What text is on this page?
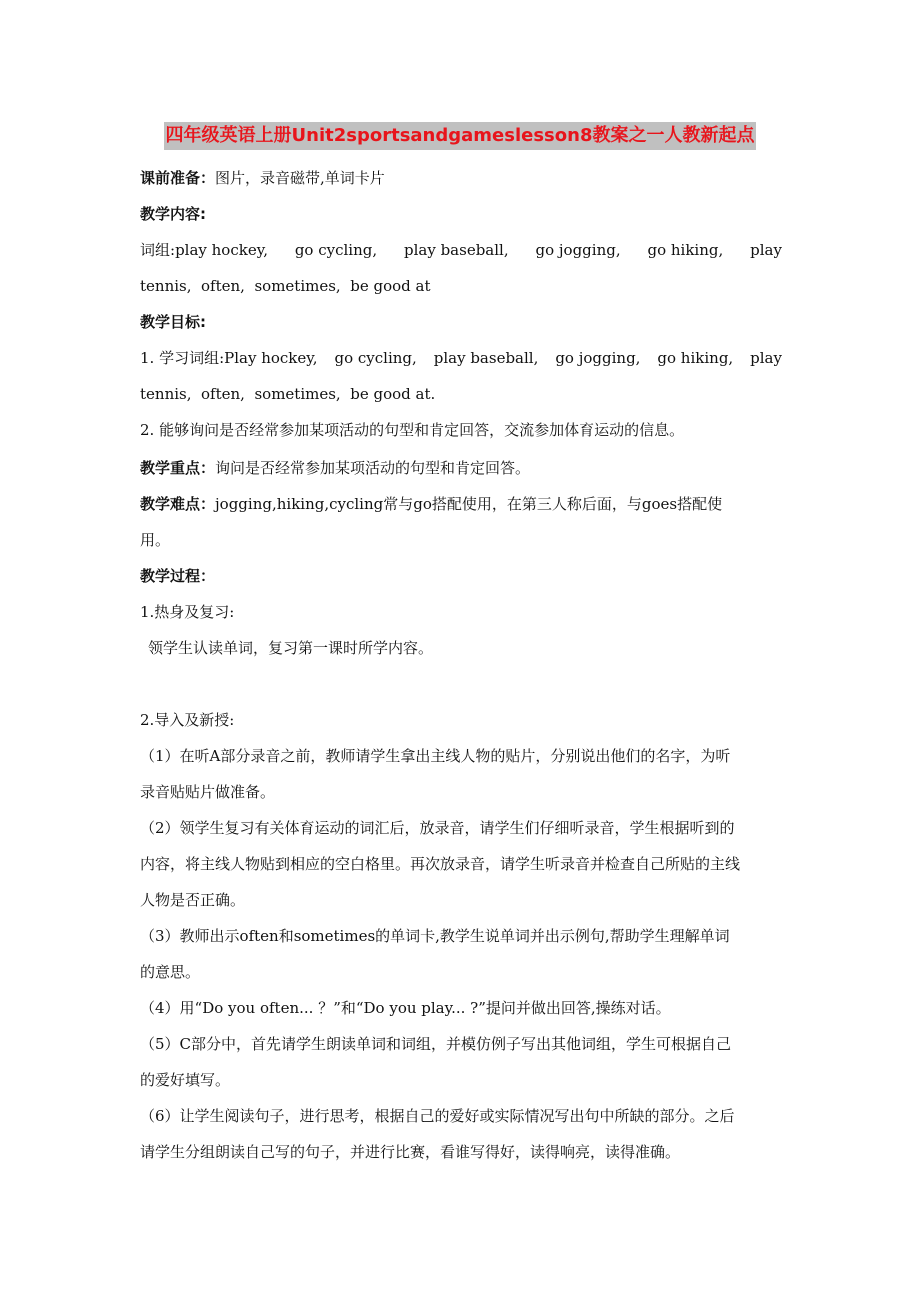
四年级英语上册Unit2sportsandgameslesson8教案之一人教新起点
课前准备：图片，录音磁带,单词卡片
教学内容:
词组:play hockey, go cycling, play baseball, go jogging, go hiking, play
tennis,  often,  sometimes,  be good at
教学目标:
1. 学习词组:Play hockey, go cycling, play baseball, go jogging, go hiking, play
tennis,  often,  sometimes,  be good at.
2. 能够询问是否经常参加某项活动的句型和肯定回答，交流参加体育运动的信息。
教学重点：询问是否经常参加某项活动的句型和肯定回答。
教学难点：jogging,hiking,cycling常与go搭配使用，在第三人称后面，与goes搭配使
用。
教学过程：
1.热身及复习:
领学生认读单词，复习第一课时所学内容。
2.导入及新授:
（1）在听A部分录音之前，教师请学生拿出主线人物的贴片，分别说出他们的名字，为听
录音贴贴片做准备。
（2）领学生复习有关体育运动的词汇后，放录音，请学生们仔细听录音，学生根据听到的
内容，将主线人物贴到相应的空白格里。再次放录音，请学生听录音并检查自己所贴的主线
人物是否正确。
（3）教师出示often和sometimes的单词卡,教学生说单词并出示例句,帮助学生理解单词
的意思。
（4）用“Do you often... ？”和“Do you play... ?”提问并做出回答,操练对话。
（5）C部分中，首先请学生朗读单词和词组，并模仿例子写出其他词组，学生可根据自己
的爱好填写。
（6）让学生阅读句子，进行思考，根据自己的爱好或实际情况写出句中所缺的部分。之后
请学生分组朗读自己写的句子，并进行比赛，看谁写得好，读得响亮，读得准确。
